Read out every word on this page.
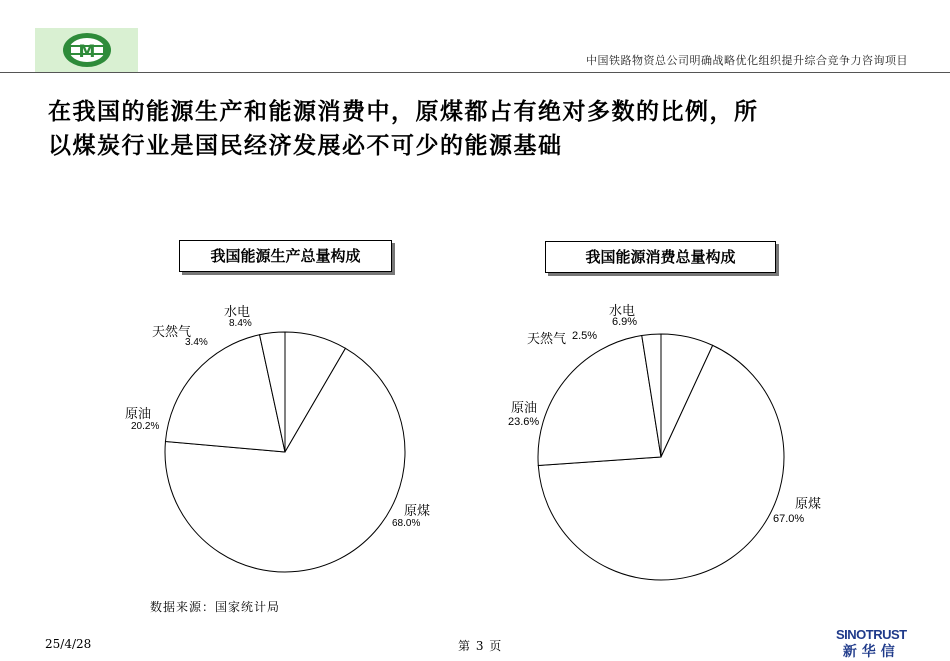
M	中国铁路物资总公司明确战略优化组织提升综合竞争力咨询项目
在我国的能源生产和能源消费中，原煤都占有绝对多数的比例，所
以煤炭行业是国民经济发展必不可少的能源基础
我国能源生产总量构成
水电
8.4%
天然气
3.4%
原油
20.2%
原煤
68.0%
我国能源消费总量构成
水电
6.9%
天然气 2.5%
原油
23.6%
原煤
67.0%
数据来源：国家统计局
25/4/28	第 3 页
SINOTRUST
新华信
